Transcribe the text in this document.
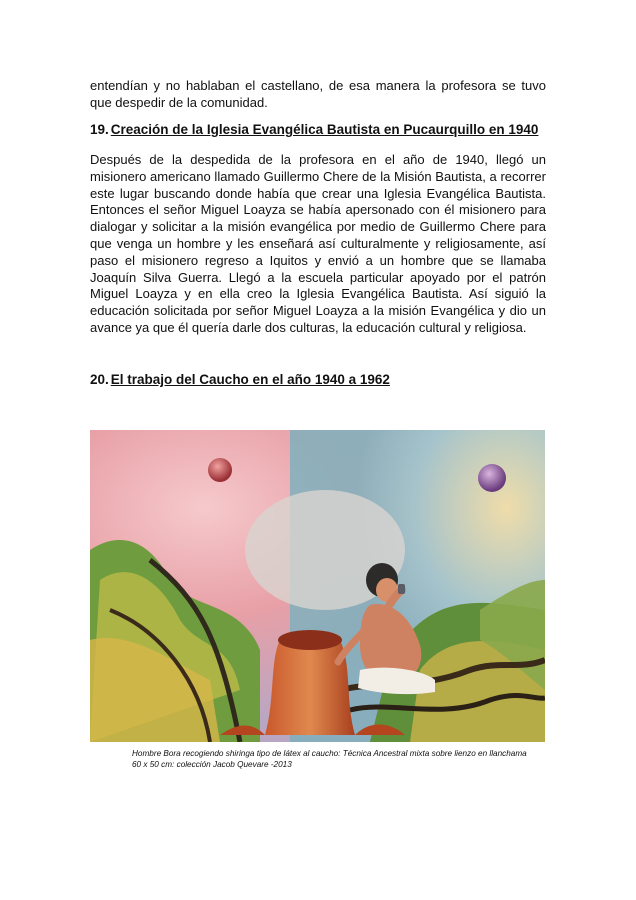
entendían y no hablaban el castellano, de esa manera la profesora se tuvo que despedir de la comunidad.

19. Creación de la Iglesia Evangélica Bautista en Pucaurquillo en 1940

Después de la despedida de la profesora en el año de 1940, llegó un misionero americano llamado Guillermo Chere de la Misión Bautista, a recorrer este lugar buscando donde había que crear una Iglesia Evangélica Bautista. Entonces el señor Miguel Loayza se había apersonado con él misionero para dialogar y solicitar a la misión evangélica por medio de Guillermo Chere para que venga un hombre y les enseñará así culturalmente y religiosamente, así paso el misionero regreso a Iquitos y envió a un hombre que se llamaba Joaquín Silva Guerra. Llegó a la escuela particular apoyado por el patrón Miguel Loayza y en ella creo la Iglesia Evangélica Bautista. Así siguió la educación solicitada por señor Miguel Loayza a la misión Evangélica y dio un avance ya que él quería darle dos culturas, la educación cultural y religiosa.

20. El trabajo del Caucho en el año 1940 a 1962

Hombre Bora recogiendo shiringa tipo de látex al caucho: Técnica Ancestral mixta sobre lienzo en llanchama 60 x 50 cm: colección Jacob Quevare -2013
